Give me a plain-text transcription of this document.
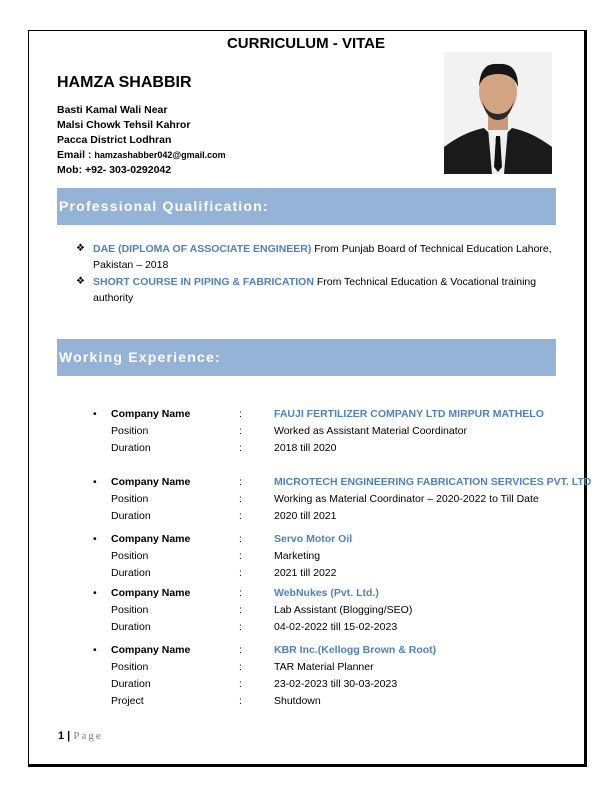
CURRICULUM - VITAE
HAMZA SHABBIR
Basti Kamal Wali Near
Malsi Chowk Tehsil Kahror
Pacca District Lodhran
Email : hamzashabber042@gmail.com
Mob: +92- 303-0292042
Professional Qualification:
❖ DAE (DIPLOMA OF ASSOCIATE ENGINEER) From Punjab Board of Technical Education Lahore, Pakistan – 2018
❖ SHORT COURSE IN PIPING & FABRICATION From Technical Education & Vocational training authority
Working Experience:
• Company Name	:	FAUJI FERTILIZER COMPANY LTD MIRPUR MATHELO
Position	:	Worked as Assistant Material Coordinator
Duration	:	2018 till 2020
• Company Name	:	MICROTECH ENGINEERING FABRICATION SERVICES PVT. LTD
Position	:	Working as Material Coordinator – 2020-2022 to Till Date
Duration	:	2020 till 2021
• Company Name	:	Servo Motor Oil
Position	:	Marketing
Duration	:	2021 till 2022
• Company Name	:	WebNukes (Pvt. Ltd.)
Position	:	Lab Assistant (Blogging/SEO)
Duration	:	04-02-2022 till 15-02-2023
• Company Name	:	KBR Inc.(Kellogg Brown & Root)
Position	:	TAR Material Planner
Duration	:	23-02-2023 till 30-03-2023
Project	:	Shutdown
1 | Page
